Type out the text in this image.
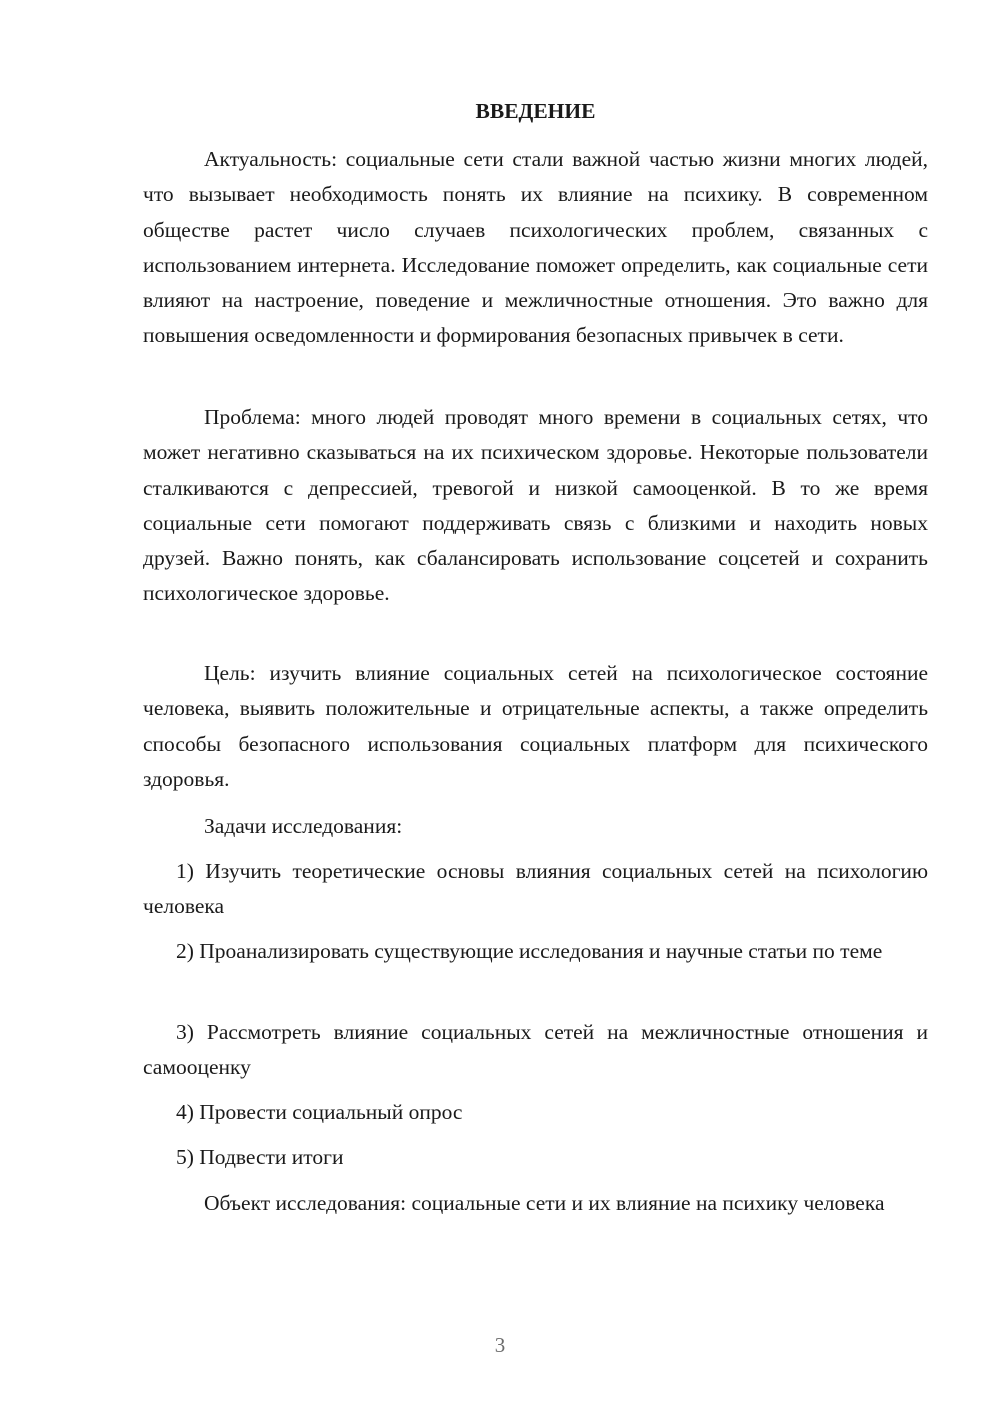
ВВЕДЕНИЕ

Актуальность: социальные сети стали важной частью жизни многих людей, что вызывает необходимость понять их влияние на психику. В современном обществе растет число случаев психологических проблем, связанных с использованием интернета. Исследование поможет определить, как социальные сети влияют на настроение, поведение и межличностные отношения. Это важно для повышения осведомленности и формирования безопасных привычек в сети.

Проблема: много людей проводят много времени в социальных сетях, что может негативно сказываться на их психическом здоровье. Некоторые пользователи сталкиваются с депрессией, тревогой и низкой самооценкой. В то же время социальные сети помогают поддерживать связь с близкими и находить новых друзей. Важно понять, как сбалансировать использование соцсетей и сохранить психологическое здоровье.

Цель: изучить влияние социальных сетей на психологическое состояние человека, выявить положительные и отрицательные аспекты, а также определить способы безопасного использования социальных платформ для психического здоровья.

Задачи исследования:

1) Изучить теоретические основы влияния социальных сетей на психологию человека

2) Проанализировать существующие исследования и научные статьи по теме

3) Рассмотреть влияние социальных сетей на межличностные отношения и самооценку

4) Провести социальный опрос

5) Подвести итоги

Объект исследования: социальные сети и их влияние на психику человека

3
